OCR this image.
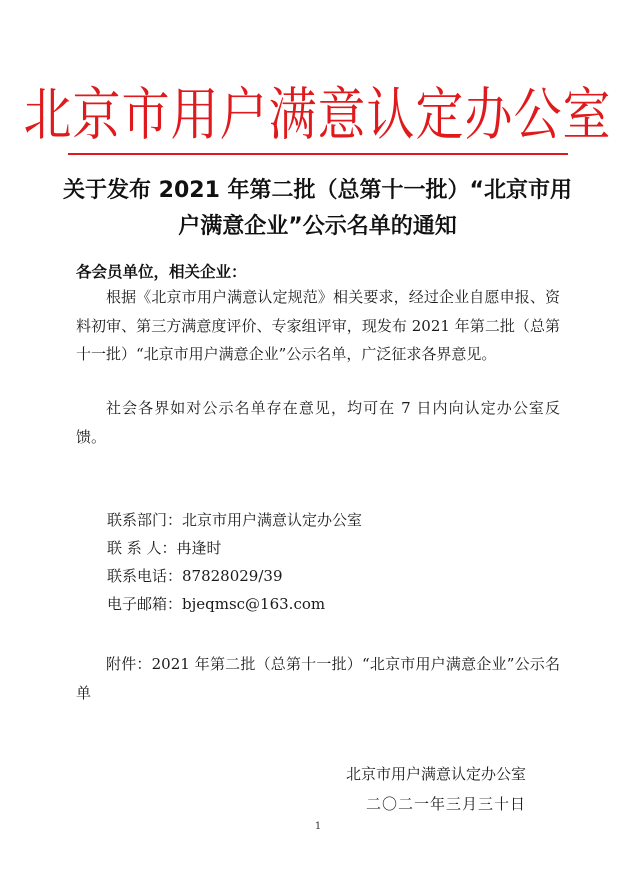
北京市用户满意认定办公室
关于发布 2021 年第二批（总第十一批）“北京市用户满意企业”公示名单的通知
各会员单位，相关企业：
根据《北京市用户满意认定规范》相关要求，经过企业自愿申报、资料初审、第三方满意度评价、专家组评审，现发布 2021 年第二批（总第十一批）“北京市用户满意企业”公示名单，广泛征求各界意见。
社会各界如对公示名单存在意见，均可在 7 日内向认定办公室反馈。
联系部门：北京市用户满意认定办公室
联 系 人：冉逢时
联系电话：87828029/39
电子邮箱：bjeqmsc@163.com
附件：2021 年第二批（总第十一批）“北京市用户满意企业”公示名单
北京市用户满意认定办公室
二〇二一年三月三十日
1
